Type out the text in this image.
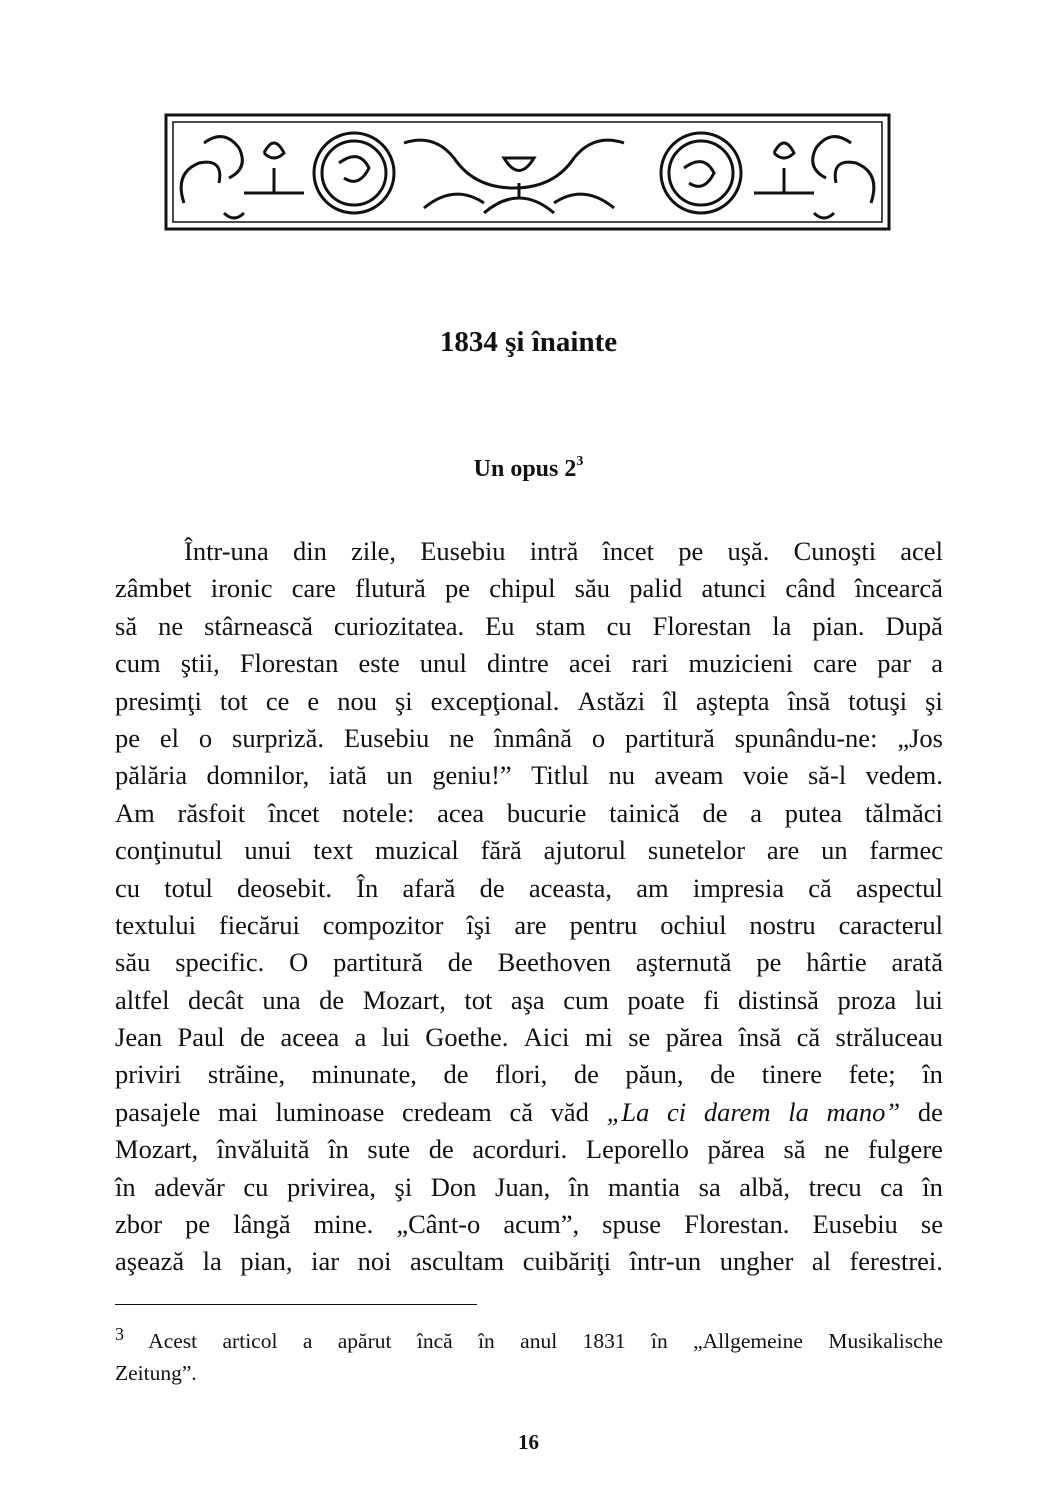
1834 şi înainte
Un opus $2^3$
Într-una din zile, Eusebiu intră încet pe uşă. Cunoşti acel
zâmbet ironic care flutură pe chipul său palid atunci când încearcă
să ne stârnească curiozitatea. Eu stam cu Florestan la pian. După
cum ştii, Florestan este unul dintre acei rari muzicieni care par a
presimţi tot ce e nou şi excepţional. Astăzi îl aştepta însă totuşi şi
pe el o surpriză. Eusebiu ne înmână o partitură spunându-ne: „Jos
pălăria domnilor, iată un geniu!” Titlul nu aveam voie să-l vedem.
Am răsfoit încet notele: acea bucurie tainică de a putea tălmăci
conţinutul unui text muzical fără ajutorul sunetelor are un farmec
cu totul deosebit. În afară de aceasta, am impresia că aspectul
textului fiecărui compozitor îşi are pentru ochiul nostru caracterul
său specific. O partitură de Beethoven aşternută pe hârtie arată
altfel decât una de Mozart, tot aşa cum poate fi distinsă proza lui
Jean Paul de aceea a lui Goethe. Aici mi se părea însă că străluceau
priviri străine, minunate, de flori, de păun, de tinere fete; în
pasajele mai luminoase credeam că văd „La ci darem la mano” de
Mozart, învăluită în sute de acorduri. Leporello părea să ne fulgere
în adevăr cu privirea, şi Don Juan, în mantia sa albă, trecu ca în
zbor pe lângă mine. „Cânt-o acum”, spuse Florestan. Eusebiu se
aşează la pian, iar noi ascultam cuibăriţi într-un ungher al ferestrei.
$^3$ Acest articol a apărut încă în anul 1831 în „Allgemeine Musikalische
Zeitung”.
16
